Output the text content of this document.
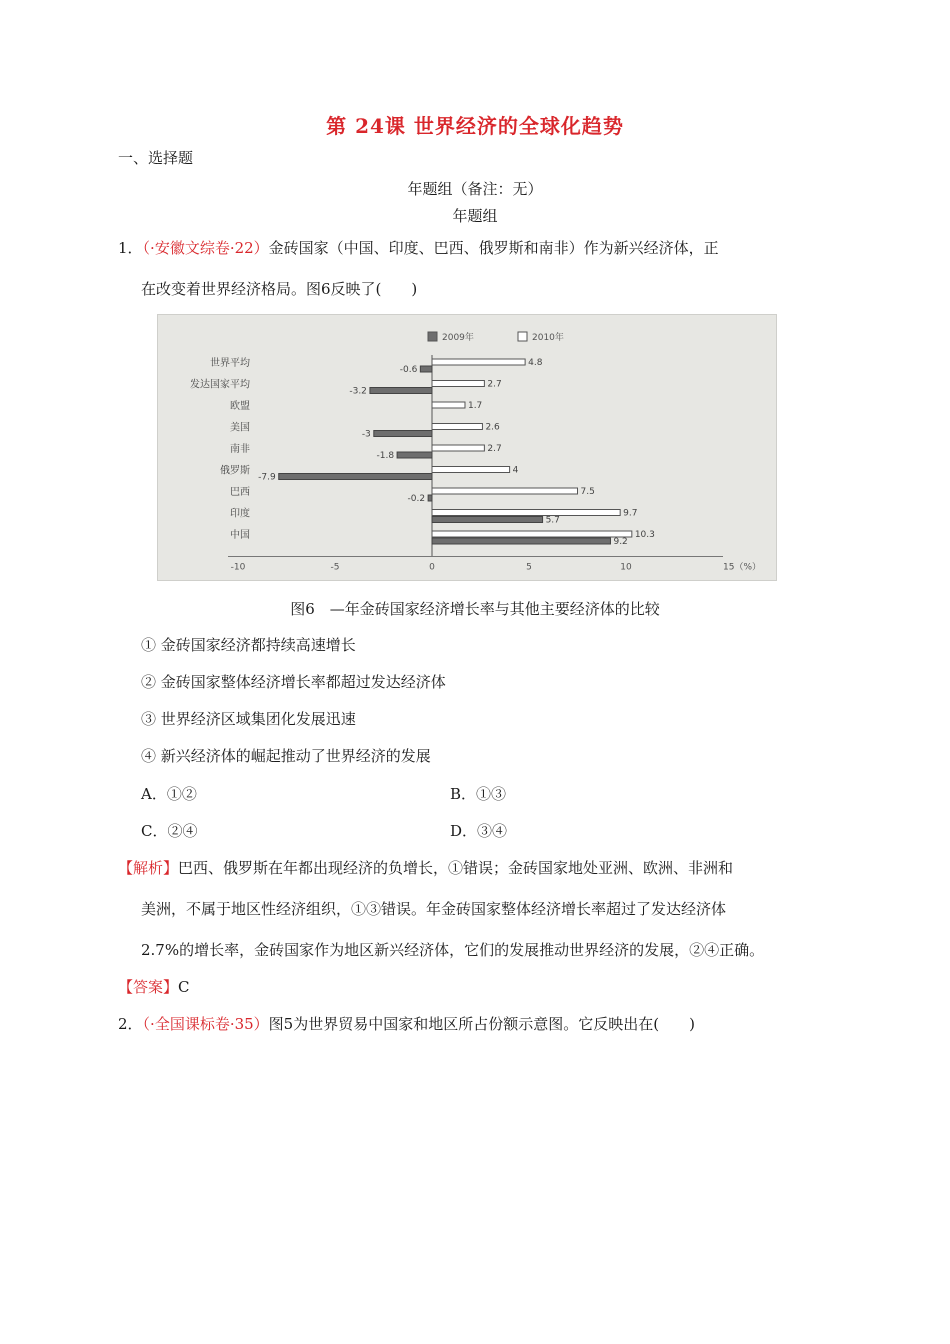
第 24课 世界经济的全球化趋势
一、选择题
年题组（备注：无）
年题组
1．（·安徽文综卷·22）金砖国家（中国、印度、巴西、俄罗斯和南非）作为新兴经济体，正
在改变着世界经济格局。图6反映了(　　)
2009年	2010年
世界平均	4.8
-0.6
发达国家平均	2.7
-3.2
欧盟	1.7
美国	2.6
-3
南非	2.7
-1.8
俄罗斯	4
-7.9
巴西	7.5
-0.2
印度	9.7
5.7
中国	10.3
9.2
-10	-5	0	5	10	15（%）
图6　—年金砖国家经济增长率与其他主要经济体的比较
① 金砖国家经济都持续高速增长
② 金砖国家整体经济增长率都超过发达经济体
③ 世界经济区域集团化发展迅速
④ 新兴经济体的崛起推动了世界经济的发展
A．①②	B．①③
C．②④	D．③④
【解析】巴西、俄罗斯在年都出现经济的负增长，①错误；金砖国家地处亚洲、欧洲、非洲和
美洲，不属于地区性经济组织，①③错误。年金砖国家整体经济增长率超过了发达经济体
2.7%的增长率，金砖国家作为地区新兴经济体，它们的发展推动世界经济的发展，②④正确。
【答案】C
2．（·全国课标卷·35）图5为世界贸易中国家和地区所占份额示意图。它反映出在(　　)
